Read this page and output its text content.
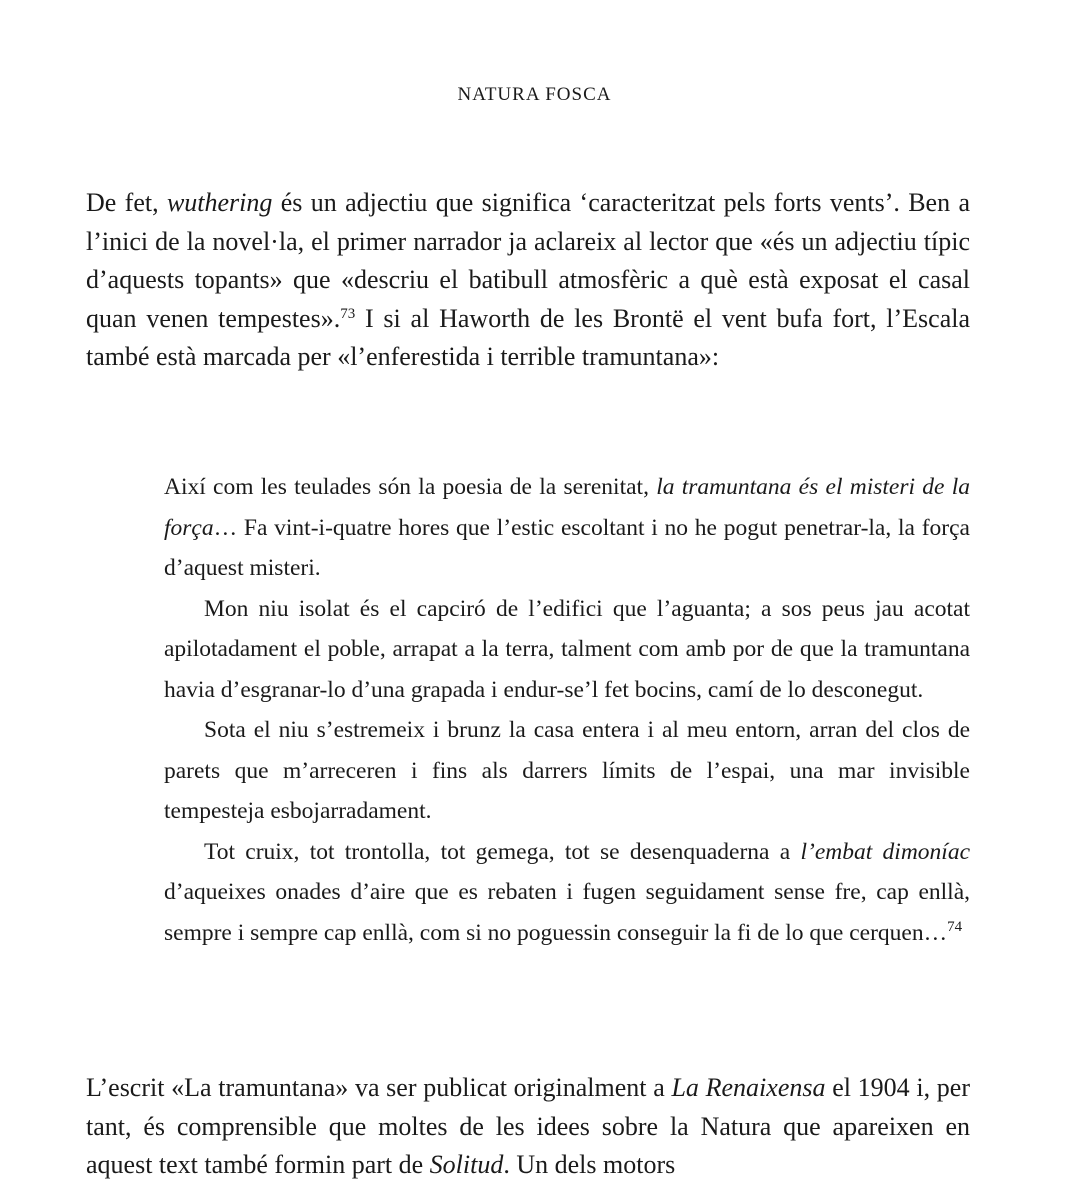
NATURA FOSCA

De fet, wuthering és un adjectiu que significa ‘caracteritzat pels forts vents’. Ben a l’inici de la novel·la, el primer narrador ja aclareix al lector que «és un adjectiu típic d’aquests topants» que «descriu el batibull atmosfèric a què està exposat el casal quan venen tempestes».$^{73}$ I si al Haworth de les Brontë el vent bufa fort, l’Escala també està marcada per «l’enferestida i terrible tramuntana»:

Així com les teulades són la poesia de la serenitat, la tramuntana és el misteri de la força… Fa vint-i-quatre hores que l’estic escoltant i no he pogut penetrar-la, la força d’aquest misteri.

Mon niu isolat és el capciró de l’edifici que l’aguanta; a sos peus jau acotat apilotadament el poble, arrapat a la terra, talment com amb por de que la tramuntana havia d’esgranar-lo d’una grapada i endur-se’l fet bocins, camí de lo desconegut.

Sota el niu s’estremeix i brunz la casa entera i al meu entorn, arran del clos de parets que m’arreceren i fins als darrers límits de l’espai, una mar invisible tempesteja esbojarradament.

Tot cruix, tot trontolla, tot gemega, tot se desenquaderna a l’embat dimoníac d’aqueixes onades d’aire que es rebaten i fugen seguidament sense fre, cap enllà, sempre i sempre cap enllà, com si no poguessin conseguir la fi de lo que cerquen…$^{74}$

L’escrit «La tramuntana» va ser publicat originalment a La Renaixensa el 1904 i, per tant, és comprensible que moltes de les idees sobre la Natura que apareixen en aquest text també formin part de Solitud. Un dels motors
